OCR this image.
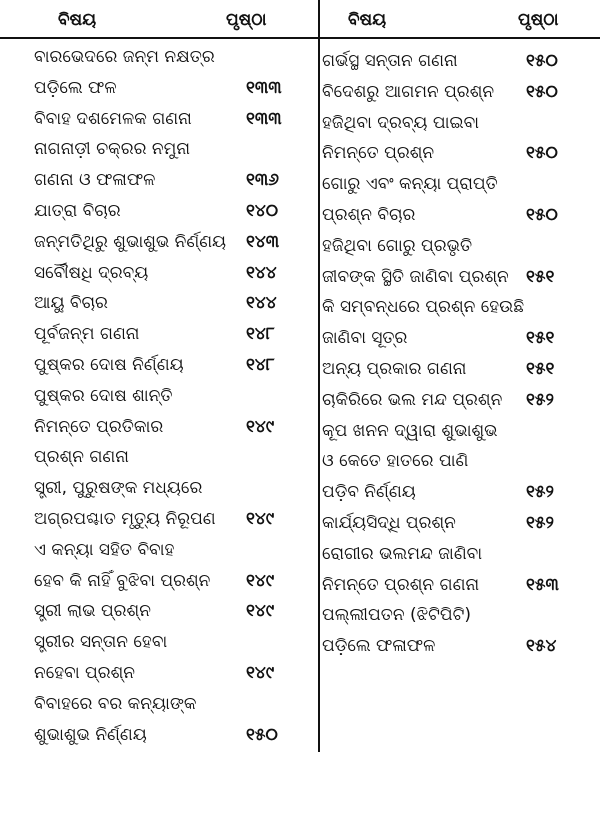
ବିଷୟ	ପୃଷ୍ଠା
ବାରଭେଦରେ ଜନ୍ମ ନକ୍ଷତ୍ର
ପଡ଼ିଲେ ଫଳ	୧୩୩
ବିବାହ ଦଶମେଳକ ଗଣନା	୧୩୩
ନାଗନାଡ଼ୀ ଚକ୍ରର ନମୁନା
ଗଣନା ଓ ଫଳାଫଳ	୧୩୬
ଯାତ୍ରା ବିଚାର	୧୪୦
ଜନ୍ମତିଥିରୁ ଶୁଭାଶୁଭ ନିର୍ଣ୍ଣୟ ୧୪୩
ସର୍ବୌଷଧି ଦ୍ରବ୍ୟ	୧୪୪
ଆୟୁ ବିଚାର	୧୪୪
ପୂର୍ବଜନ୍ମ ଗଣନା	୧୪୮
ପୁଷ୍କର ଦୋଷ ନିର୍ଣ୍ଣୟ	୧୪୮
ପୁଷ୍କର ଦୋଷ ଶାନ୍ତି
ନିମନ୍ତେ ପ୍ରତିକାର	୧୪୯
ପ୍ରଶ୍ନ ଗଣନା
ସ୍ତ୍ରୀ, ପୁରୁଷଙ୍କ ମଧ୍ୟରେ
ଅଗ୍ରପଶ୍ଚାତ ମୃତ୍ୟୁ ନିରୂପଣ ୧୪୯
ଏ କନ୍ୟା ସହିତ ବିବାହ
ହେବ କି ନାହିଁ ବୁଝିବା ପ୍ରଶ୍ନ ୧୪୯
ସ୍ତ୍ରୀ ଲାଭ ପ୍ରଶ୍ନ	୧୪୯
ସ୍ତ୍ରୀର ସନ୍ତାନ ହେବା
ନହେବା ପ୍ରଶ୍ନ	୧୪୯
ବିବାହରେ ବର କନ୍ୟାଙ୍କ
ଶୁଭାଶୁଭ ନିର୍ଣ୍ଣୟ	୧୫୦
ବିଷୟ	ପୃଷ୍ଠା
ଗର୍ଭସ୍ଥ ସନ୍ତାନ ଗଣନା	୧୫୦
ବିଦେଶରୁ ଆଗମନ ପ୍ରଶ୍ନ ୧୫୦
ହଜିଥିବା ଦ୍ରବ୍ୟ ପାଇବା
ନିମନ୍ତେ ପ୍ରଶ୍ନ	୧୫୦
ଗୋରୁ ଏବଂ କନ୍ୟା ପ୍ରାପ୍ତି
ପ୍ରଶ୍ନ ବିଚାର	୧୫୦
ହଜିଥିବା ଗୋରୁ ପ୍ରଭୃତି
ଜୀବଙ୍କ ସ୍ଥିତି ଜାଣିବା ପ୍ରଶ୍ନ ୧୫୧
କି ସମ୍ବନ୍ଧରେ ପ୍ରଶ୍ନ ହେଉଛି
ଜାଣିବା ସୂତ୍ର	୧୫୧
ଅନ୍ୟ ପ୍ରକାର ଗଣନା	୧୫୧
ଚାକିରିରେ ଭଲ ମନ୍ଦ ପ୍ରଶ୍ନ ୧୫୨
କୂପ ଖନନ ଦ୍ୱାରା ଶୁଭାଶୁଭ
ଓ କେତେ ହାତରେ ପାଣି
ପଡ଼ିବ ନିର୍ଣ୍ଣୟ	୧୫୨
କାର୍ଯ୍ୟସିଦ୍ଧି ପ୍ରଶ୍ନ	୧୫୨
ରୋଗୀର ଭଲମନ୍ଦ ଜାଣିବା
ନିମନ୍ତେ ପ୍ରଶ୍ନ ଗଣନା	୧୫୩
ପଲ୍ଲୀପତନ (ଝିଟିପିଟି)
ପଡ଼ିଲେ ଫଳାଫଳ	୧୫୪
